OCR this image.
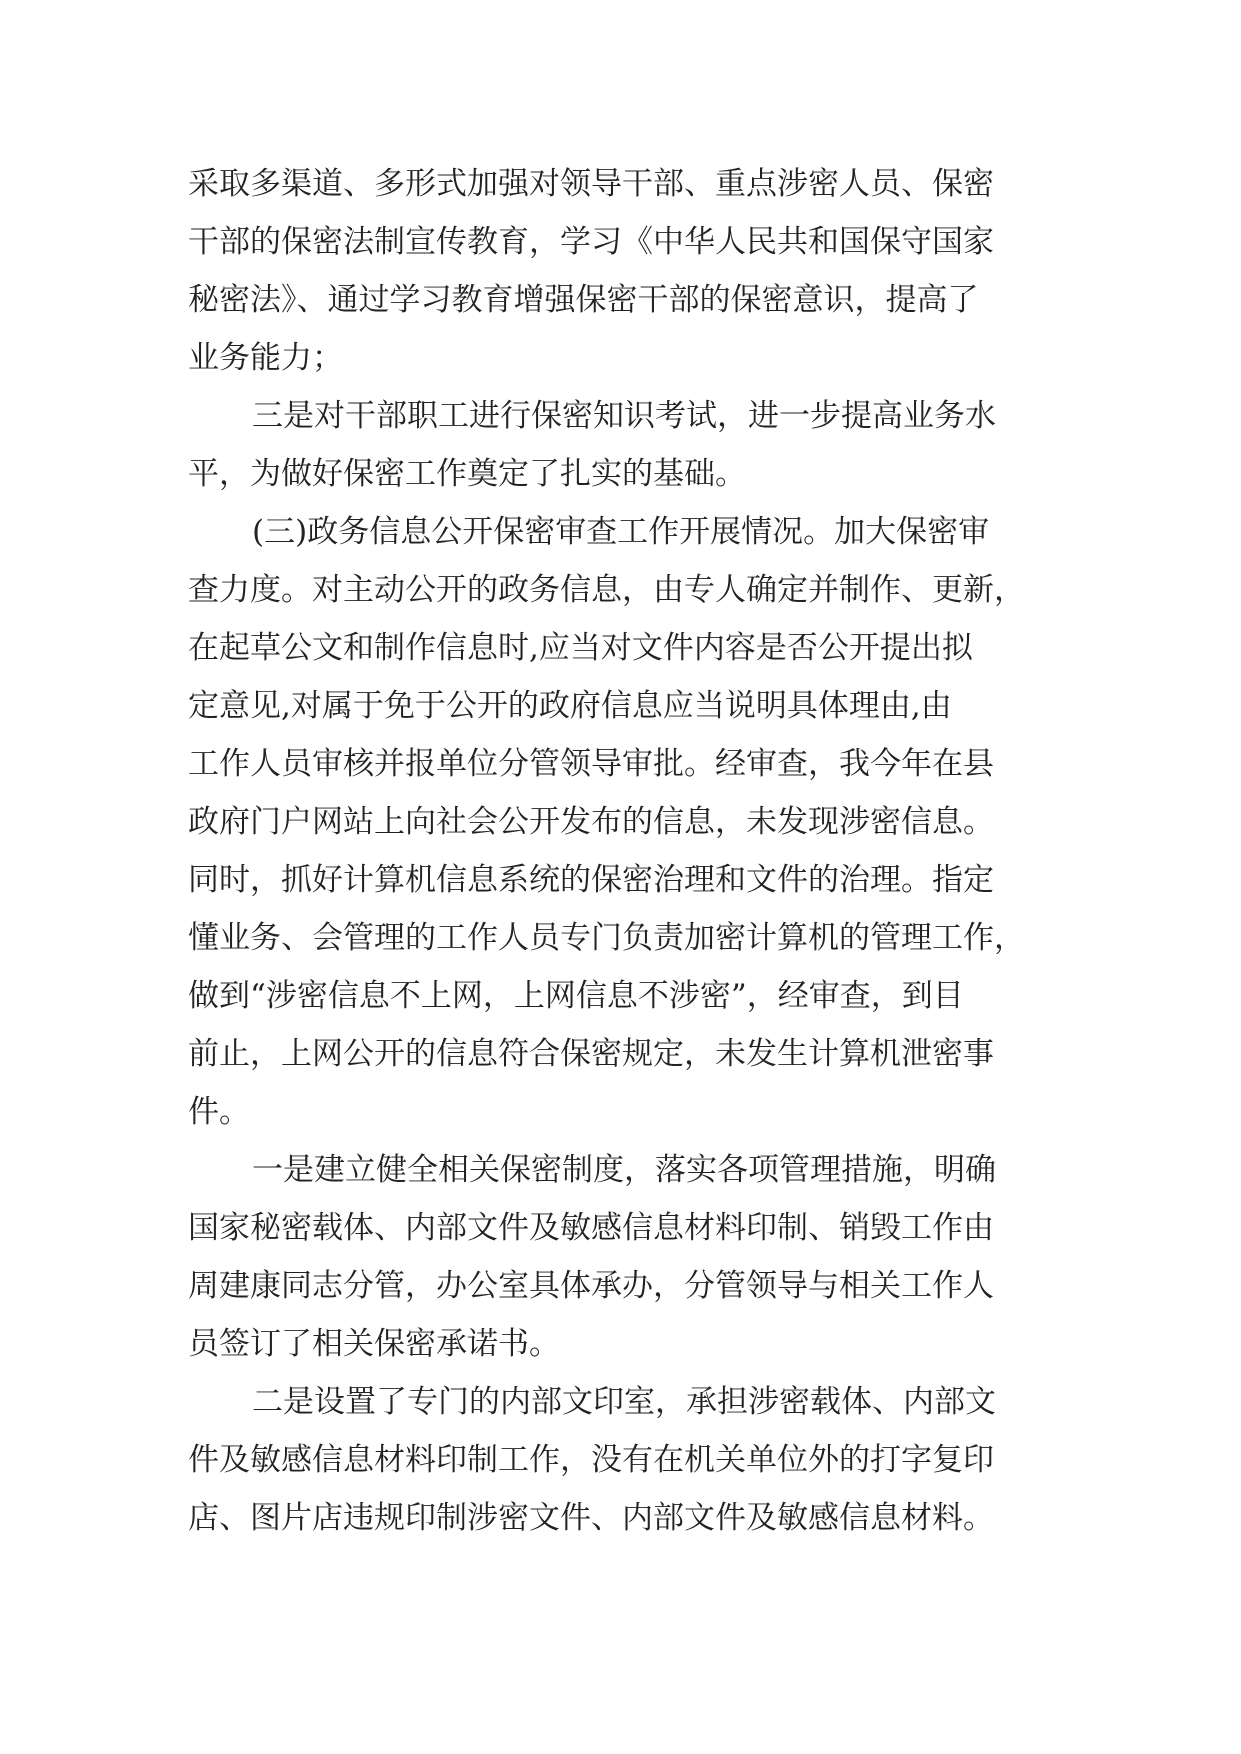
采取多渠道、多形式加强对领导干部、重点涉密人员、保密
干部的保密法制宣传教育，学习《中华人民共和国保守国家
秘密法》、通过学习教育增强保密干部的保密意识，提高了
业务能力；
三是对干部职工进行保密知识考试，进一步提高业务水
平，为做好保密工作奠定了扎实的基础。
(三)政务信息公开保密审查工作开展情况。加大保密审
查力度。对主动公开的政务信息，由专人确定并制作、更新，
在起草公文和制作信息时,应当对文件内容是否公开提出拟
定意见,对属于免于公开的政府信息应当说明具体理由,由
工作人员审核并报单位分管领导审批。经审查，我今年在县
政府门户网站上向社会公开发布的信息，未发现涉密信息。
同时，抓好计算机信息系统的保密治理和文件的治理。指定
懂业务、会管理的工作人员专门负责加密计算机的管理工作，
做到“涉密信息不上网，上网信息不涉密”，经审查，到目
前止，上网公开的信息符合保密规定，未发生计算机泄密事
件。
一是建立健全相关保密制度，落实各项管理措施，明确
国家秘密载体、内部文件及敏感信息材料印制、销毁工作由
周建康同志分管，办公室具体承办，分管领导与相关工作人
员签订了相关保密承诺书。
二是设置了专门的内部文印室，承担涉密载体、内部文
件及敏感信息材料印制工作，没有在机关单位外的打字复印
店、图片店违规印制涉密文件、内部文件及敏感信息材料。
